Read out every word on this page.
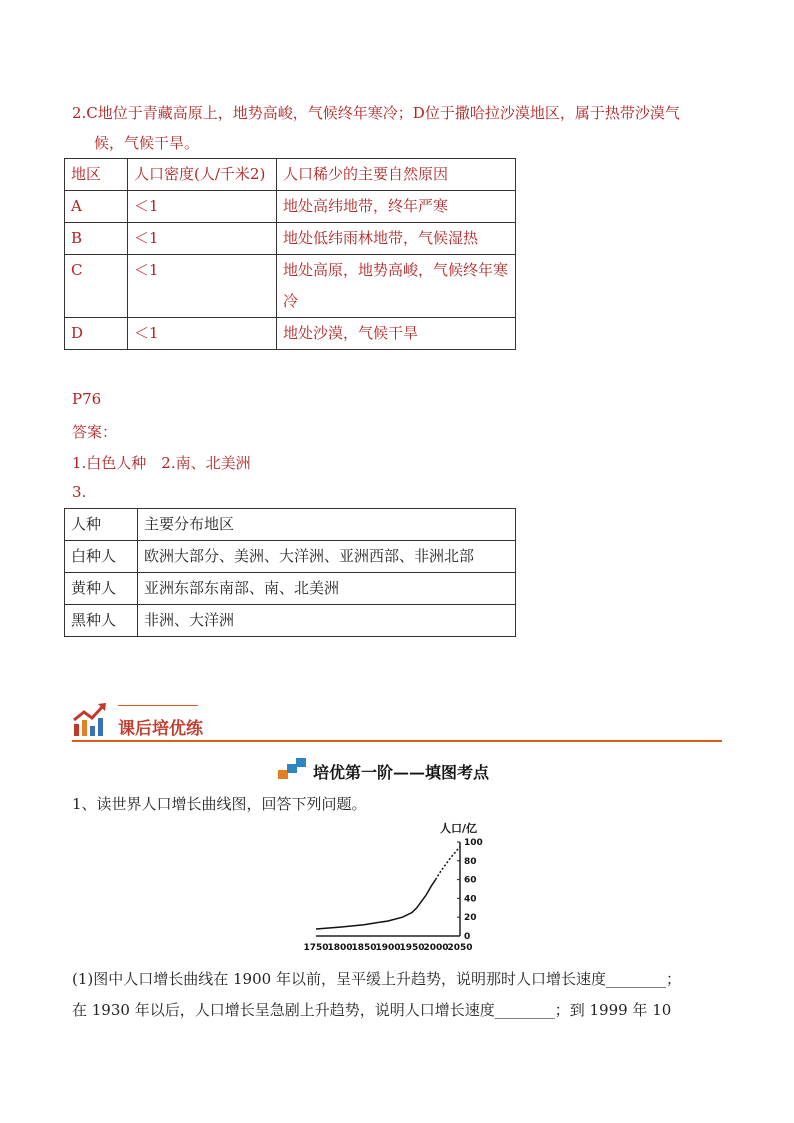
2.C地位于青藏高原上，地势高峻，气候终年寒冷；D位于撒哈拉沙漠地区，属于热带沙漠气
候，气候干旱。
地区	人口密度(人/千米2)	人口稀少的主要自然原因
A	＜1	地处高纬地带，终年严寒
B	＜1	地处低纬雨林地带，气候湿热
C	＜1	地处高原，地势高峻，气候终年寒冷
D	＜1	地处沙漠，气候干旱
P76
答案：
1.白色人种　2.南、北美洲
3.
人种	主要分布地区
白种人	欧洲大部分、美洲、大洋洲、亚洲西部、非洲北部
黄种人	亚洲东部东南部、南、北美洲
黑种人	非洲、大洋洲
课后培优练
培优第一阶——填图考点
1、读世界人口增长曲线图，回答下列问题。
人口/亿
1750
1800
1850
1900
1950
2000
2050
100
80
60
40
20
0
(1)图中人口增长曲线在 1900 年以前，呈平缓上升趋势，说明那时人口增长速度________；
在 1930 年以后，人口增长呈急剧上升趋势，说明人口增长速度________；到 1999 年 10
